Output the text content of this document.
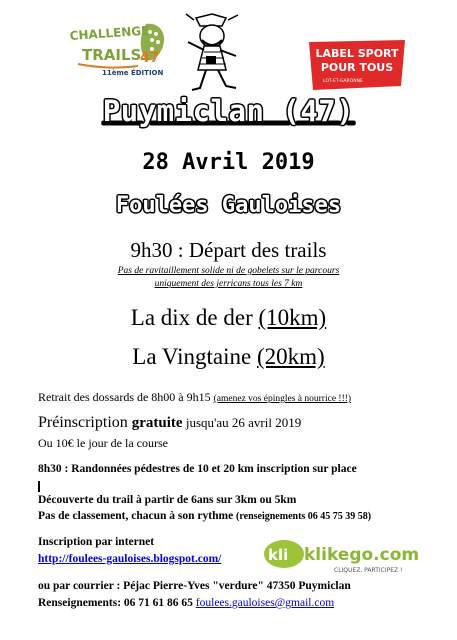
CHALLENGE
TRAILS
47
11ème ÉDITION
LABEL SPORT
POUR TOUS
LOT-ET-GARONNE
Puymiclan (47)
28 Avril 2019
Foulées Gauloises
9h30 : Départ des trails
Pas de ravitaillement solide ni de gobelets sur le parcours
uniquement des jerricans tous les 7 km
La dix de der (10km)
La Vingtaine (20km)
Retrait des dossards de 8h00 à 9h15 (amenez vos épingles à nourrice !!!)
Préinscription gratuite jusqu'au 26 avril 2019
Ou 10€ le jour de la course
8h30 : Randonnées pédestres de 10 et 20 km inscription sur place
Découverte du trail à partir de 6ans sur 3km ou 5km
Pas de classement, chacun à son rythme (renseignements 06 45 75 39 58)
Inscription par internet
http://foulees-gauloises.blogspot.com/	kli klikego.com
CLIQUEZ, PARTICIPEZ !
ou par courrier : Péjac Pierre-Yves "verdure" 47350 Puymiclan
Renseignements: 06 71 61 86 65 foulees.gauloises@gmail.com
